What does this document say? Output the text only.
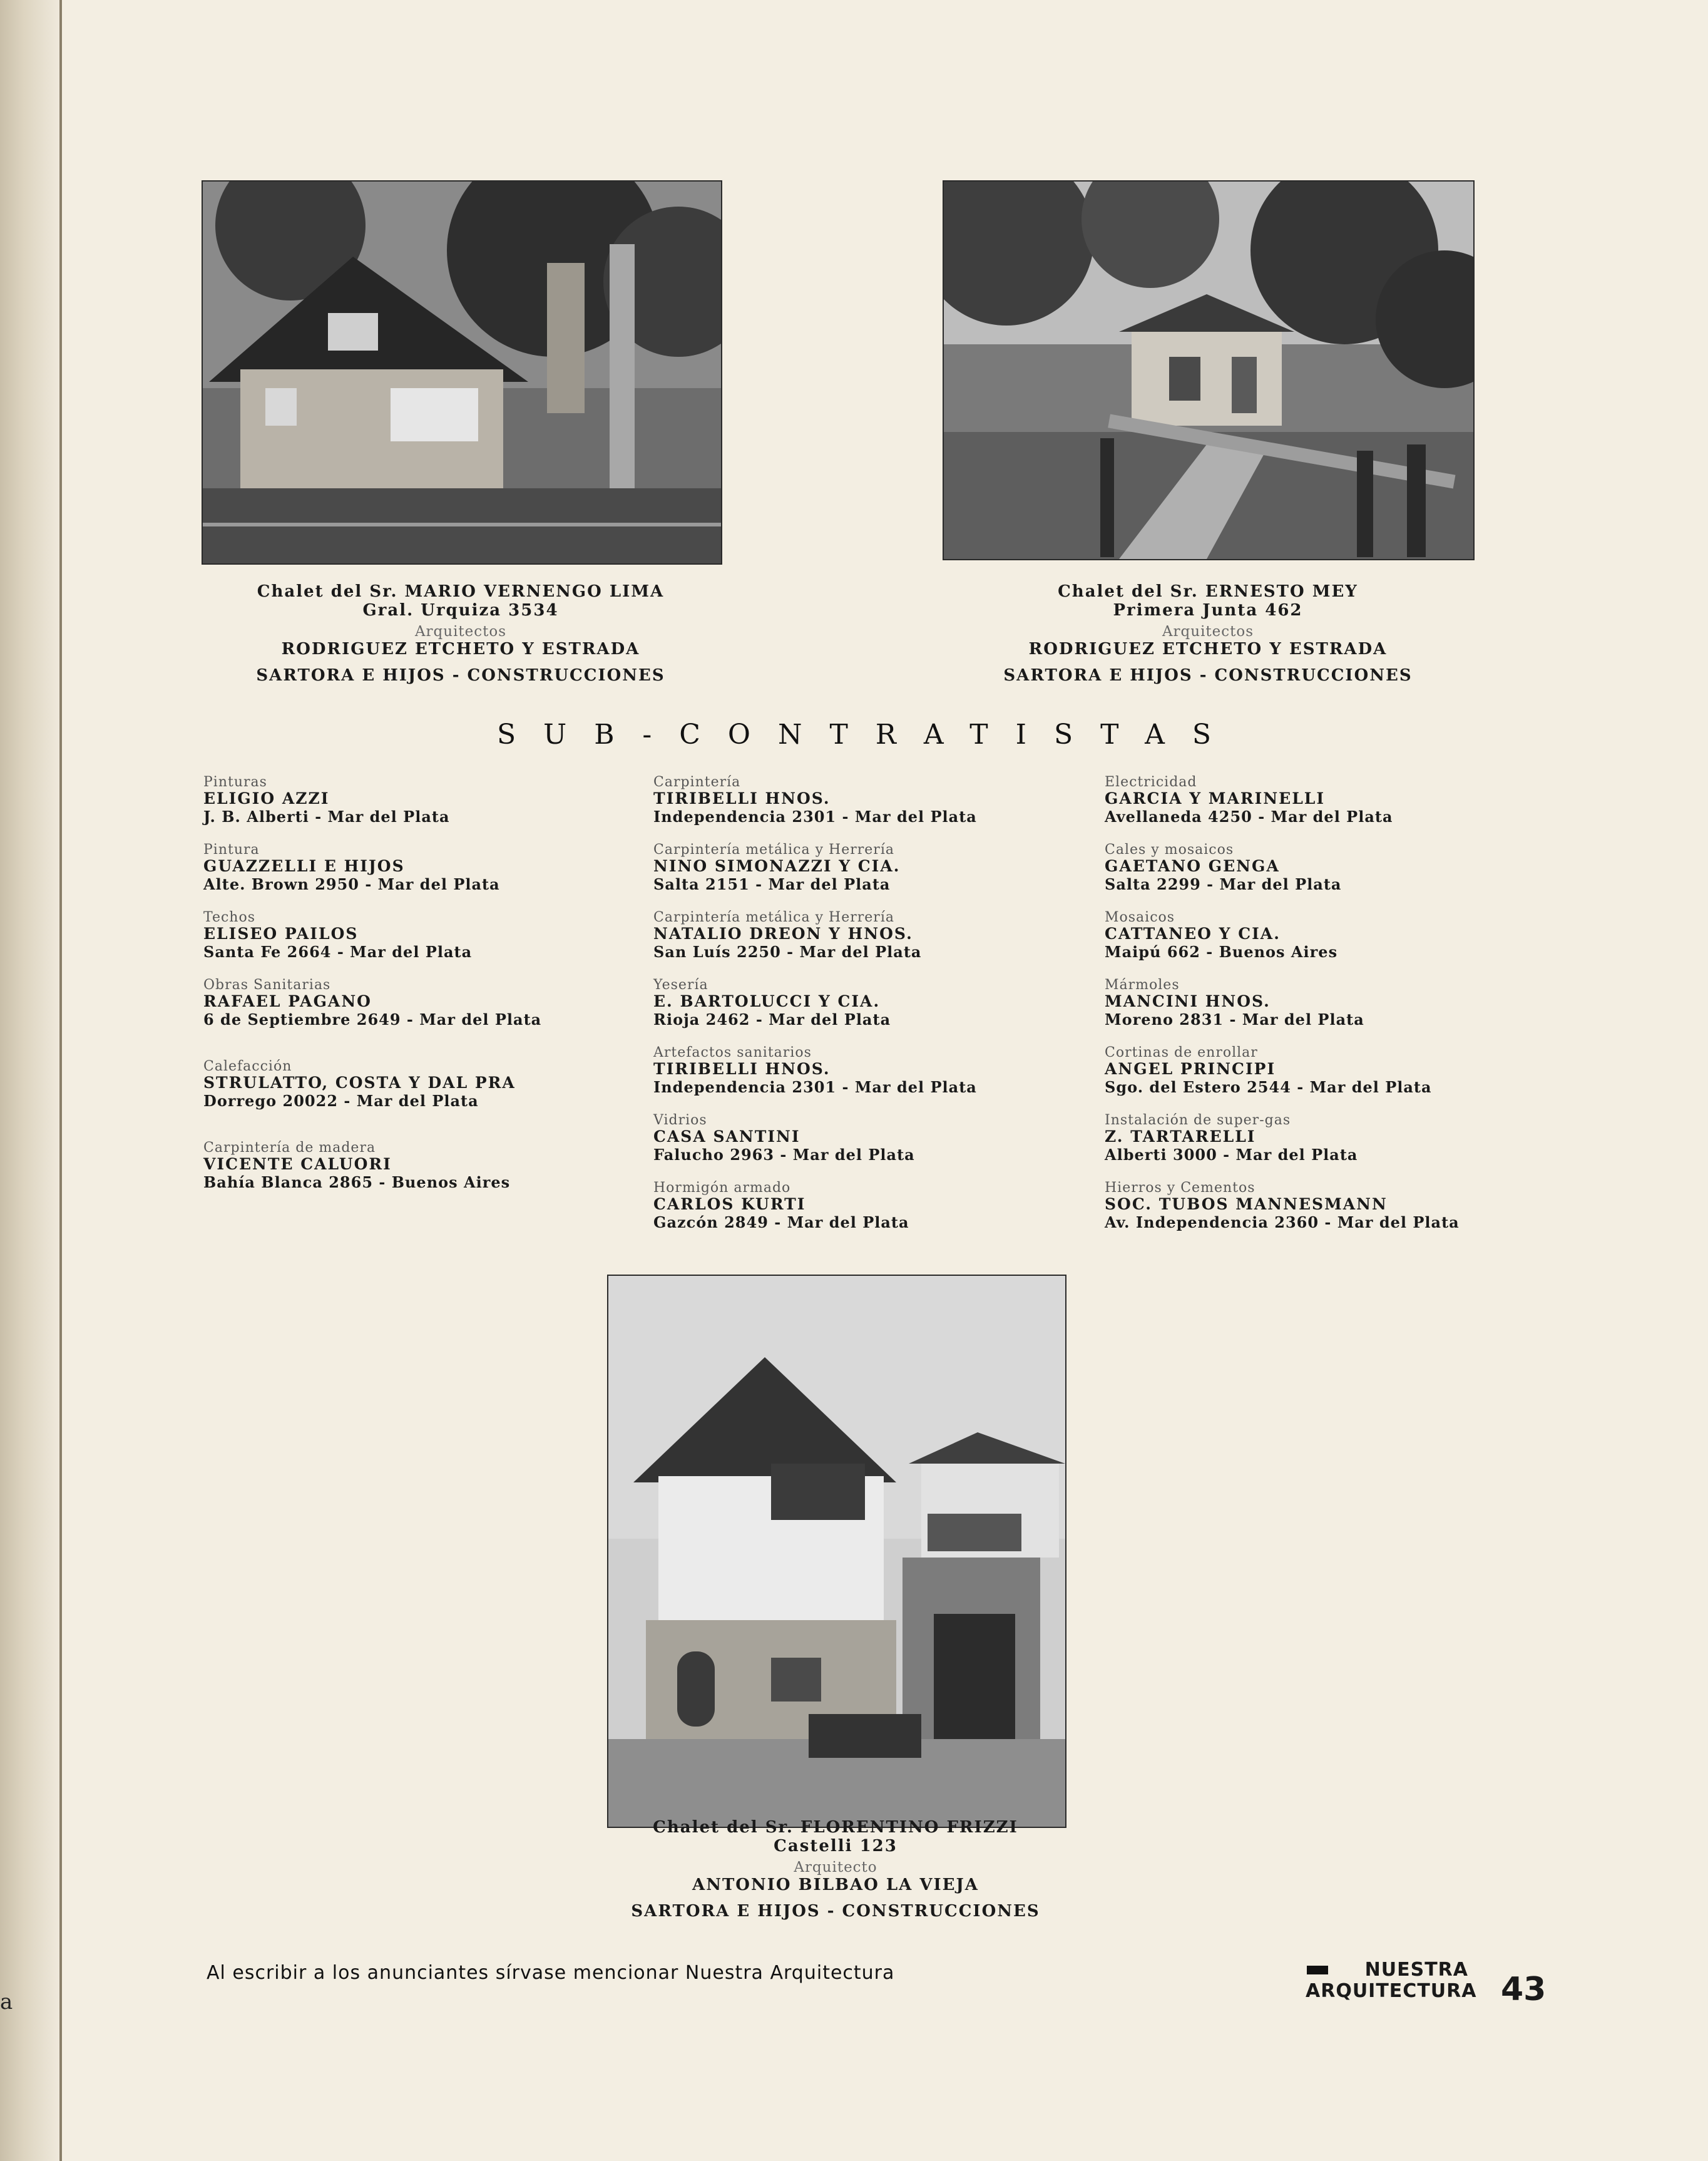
a
Chalet del Sr. MARIO VERNENGO LIMA
Gral. Urquiza 3534
Arquitectos
RODRIGUEZ ETCHETO Y ESTRADA
SARTORA E HIJOS - CONSTRUCCIONES
Chalet del Sr. ERNESTO MEY
Primera Junta 462
Arquitectos
RODRIGUEZ ETCHETO Y ESTRADA
SARTORA E HIJOS - CONSTRUCCIONES
SUB-CONTRATISTAS
Pinturas
ELIGIO AZZI
J. B. Alberti - Mar del Plata
Pintura
GUAZZELLI E HIJOS
Alte. Brown 2950 - Mar del Plata
Techos
ELISEO PAILOS
Santa Fe 2664 - Mar del Plata
Obras Sanitarias
RAFAEL PAGANO
6 de Septiembre 2649 - Mar del Plata
Calefacción
STRULATTO, COSTA Y DAL PRA
Dorrego 20022 - Mar del Plata
Carpintería de madera
VICENTE CALUORI
Bahía Blanca 2865 - Buenos Aires
Carpintería
TIRIBELLI HNOS.
Independencia 2301 - Mar del Plata
Carpintería metálica y Herrería
NINO SIMONAZZI Y CIA.
Salta 2151 - Mar del Plata
Carpintería metálica y Herrería
NATALIO DREON Y HNOS.
San Luís 2250 - Mar del Plata
Yesería
E. BARTOLUCCI Y CIA.
Rioja 2462 - Mar del Plata
Artefactos sanitarios
TIRIBELLI HNOS.
Independencia 2301 - Mar del Plata
Vidrios
CASA SANTINI
Falucho 2963 - Mar del Plata
Hormigón armado
CARLOS KURTI
Gazcón 2849 - Mar del Plata
Electricidad
GARCIA Y MARINELLI
Avellaneda 4250 - Mar del Plata
Cales y mosaicos
GAETANO GENGA
Salta 2299 - Mar del Plata
Mosaicos
CATTANEO Y CIA.
Maipú 662 - Buenos Aires
Mármoles
MANCINI HNOS.
Moreno 2831 - Mar del Plata
Cortinas de enrollar
ANGEL PRINCIPI
Sgo. del Estero 2544 - Mar del Plata
Instalación de super-gas
Z. TARTARELLI
Alberti 3000 - Mar del Plata
Hierros y Cementos
SOC. TUBOS MANNESMANN
Av. Independencia 2360 - Mar del Plata
Chalet del Sr. FLORENTINO FRIZZI
Castelli 123
Arquitecto
ANTONIO BILBAO LA VIEJA
SARTORA E HIJOS - CONSTRUCCIONES
Al escribir a los anunciantes sírvase mencionar Nuestra Arquitectura	NUESTRA
ARQUITECTURA 43
